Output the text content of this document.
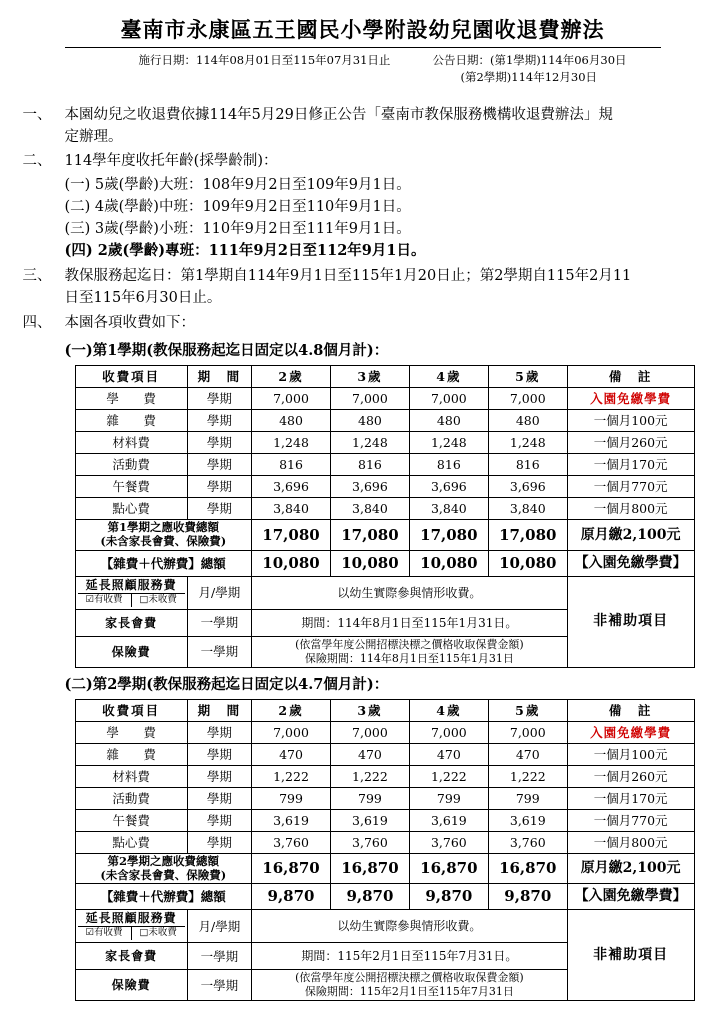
臺南市永康區五王國民小學附設幼兒園收退費辦法
施行日期：114年08月01日至115年07月31日止	公告日期：(第1學期)114年06月30日
(第2學期)114年12月30日
一、 本園幼兒之收退費依據114年5月29日修正公告「臺南市教保服務機構收退費辦法」規
定辦理。
二、 114學年度收托年齡(採學齡制)：
(一) 5歲(學齡)大班：108年9月2日至109年9月1日。
(二) 4歲(學齡)中班：109年9月2日至110年9月1日。
(三) 3歲(學齡)小班：110年9月2日至111年9月1日。
(四) 2歲(學齡)專班：111年9月2日至112年9月1日。
三、 教保服務起迄日：第1學期自114年9月1日至115年1月20日止；第2學期自115年2月11
日至115年6月30日止。
四、 本園各項收費如下：
(一)第1學期(教保服務起迄日固定以4.8個月計)：
收費項目	期　間	2歲	3歲	4歲	5歲	備　註
學　費	學期	7,000	7,000	7,000	7,000	入園免繳學費
雜　費	學期	480	480	480	480	一個月100元
材料費	學期	1,248	1,248	1,248	1,248	一個月260元
活動費	學期	816	816	816	816	一個月170元
午餐費	學期	3,696	3,696	3,696	3,696	一個月770元
點心費	學期	3,840	3,840	3,840	3,840	一個月800元

第1學期之應收費總額
(未含家長會費、保險費)		17,080	17,080	17,080	17,080	原月繳2,100元
【雜費＋代辦費】總額		10,080	10,080	10,080	10,080	【入園免繳學費】

延長照顧服務費
☑有收費 □未收費	月/學期	以幼生實際參與情形收費。				非補助項目
家長會費	一學期	期間：114年8月1日至115年1月31日。				
保險費	一學期	(依當學年度公開招標決標之價格收取保費金額)
保險期間：114年8月1日至115年1月31日				
(二)第2學期(教保服務起迄日固定以4.7個月計)：
收費項目	期　間	2歲	3歲	4歲	5歲	備　註
學　費	學期	7,000	7,000	7,000	7,000	入園免繳學費
雜　費	學期	470	470	470	470	一個月100元
材料費	學期	1,222	1,222	1,222	1,222	一個月260元
活動費	學期	799	799	799	799	一個月170元
午餐費	學期	3,619	3,619	3,619	3,619	一個月770元
點心費	學期	3,760	3,760	3,760	3,760	一個月800元

第2學期之應收費總額
(未含家長會費、保險費)		16,870	16,870	16,870	16,870	原月繳2,100元
【雜費＋代辦費】總額		9,870	9,870	9,870	9,870	【入園免繳學費】

延長照顧服務費
☑有收費 □未收費	月/學期	以幼生實際參與情形收費。				非補助項目
家長會費	一學期	期間：115年2月1日至115年7月31日。				
保險費	一學期	(依當學年度公開招標決標之價格收取保費金額)
保險期間：115年2月1日至115年7月31日				
